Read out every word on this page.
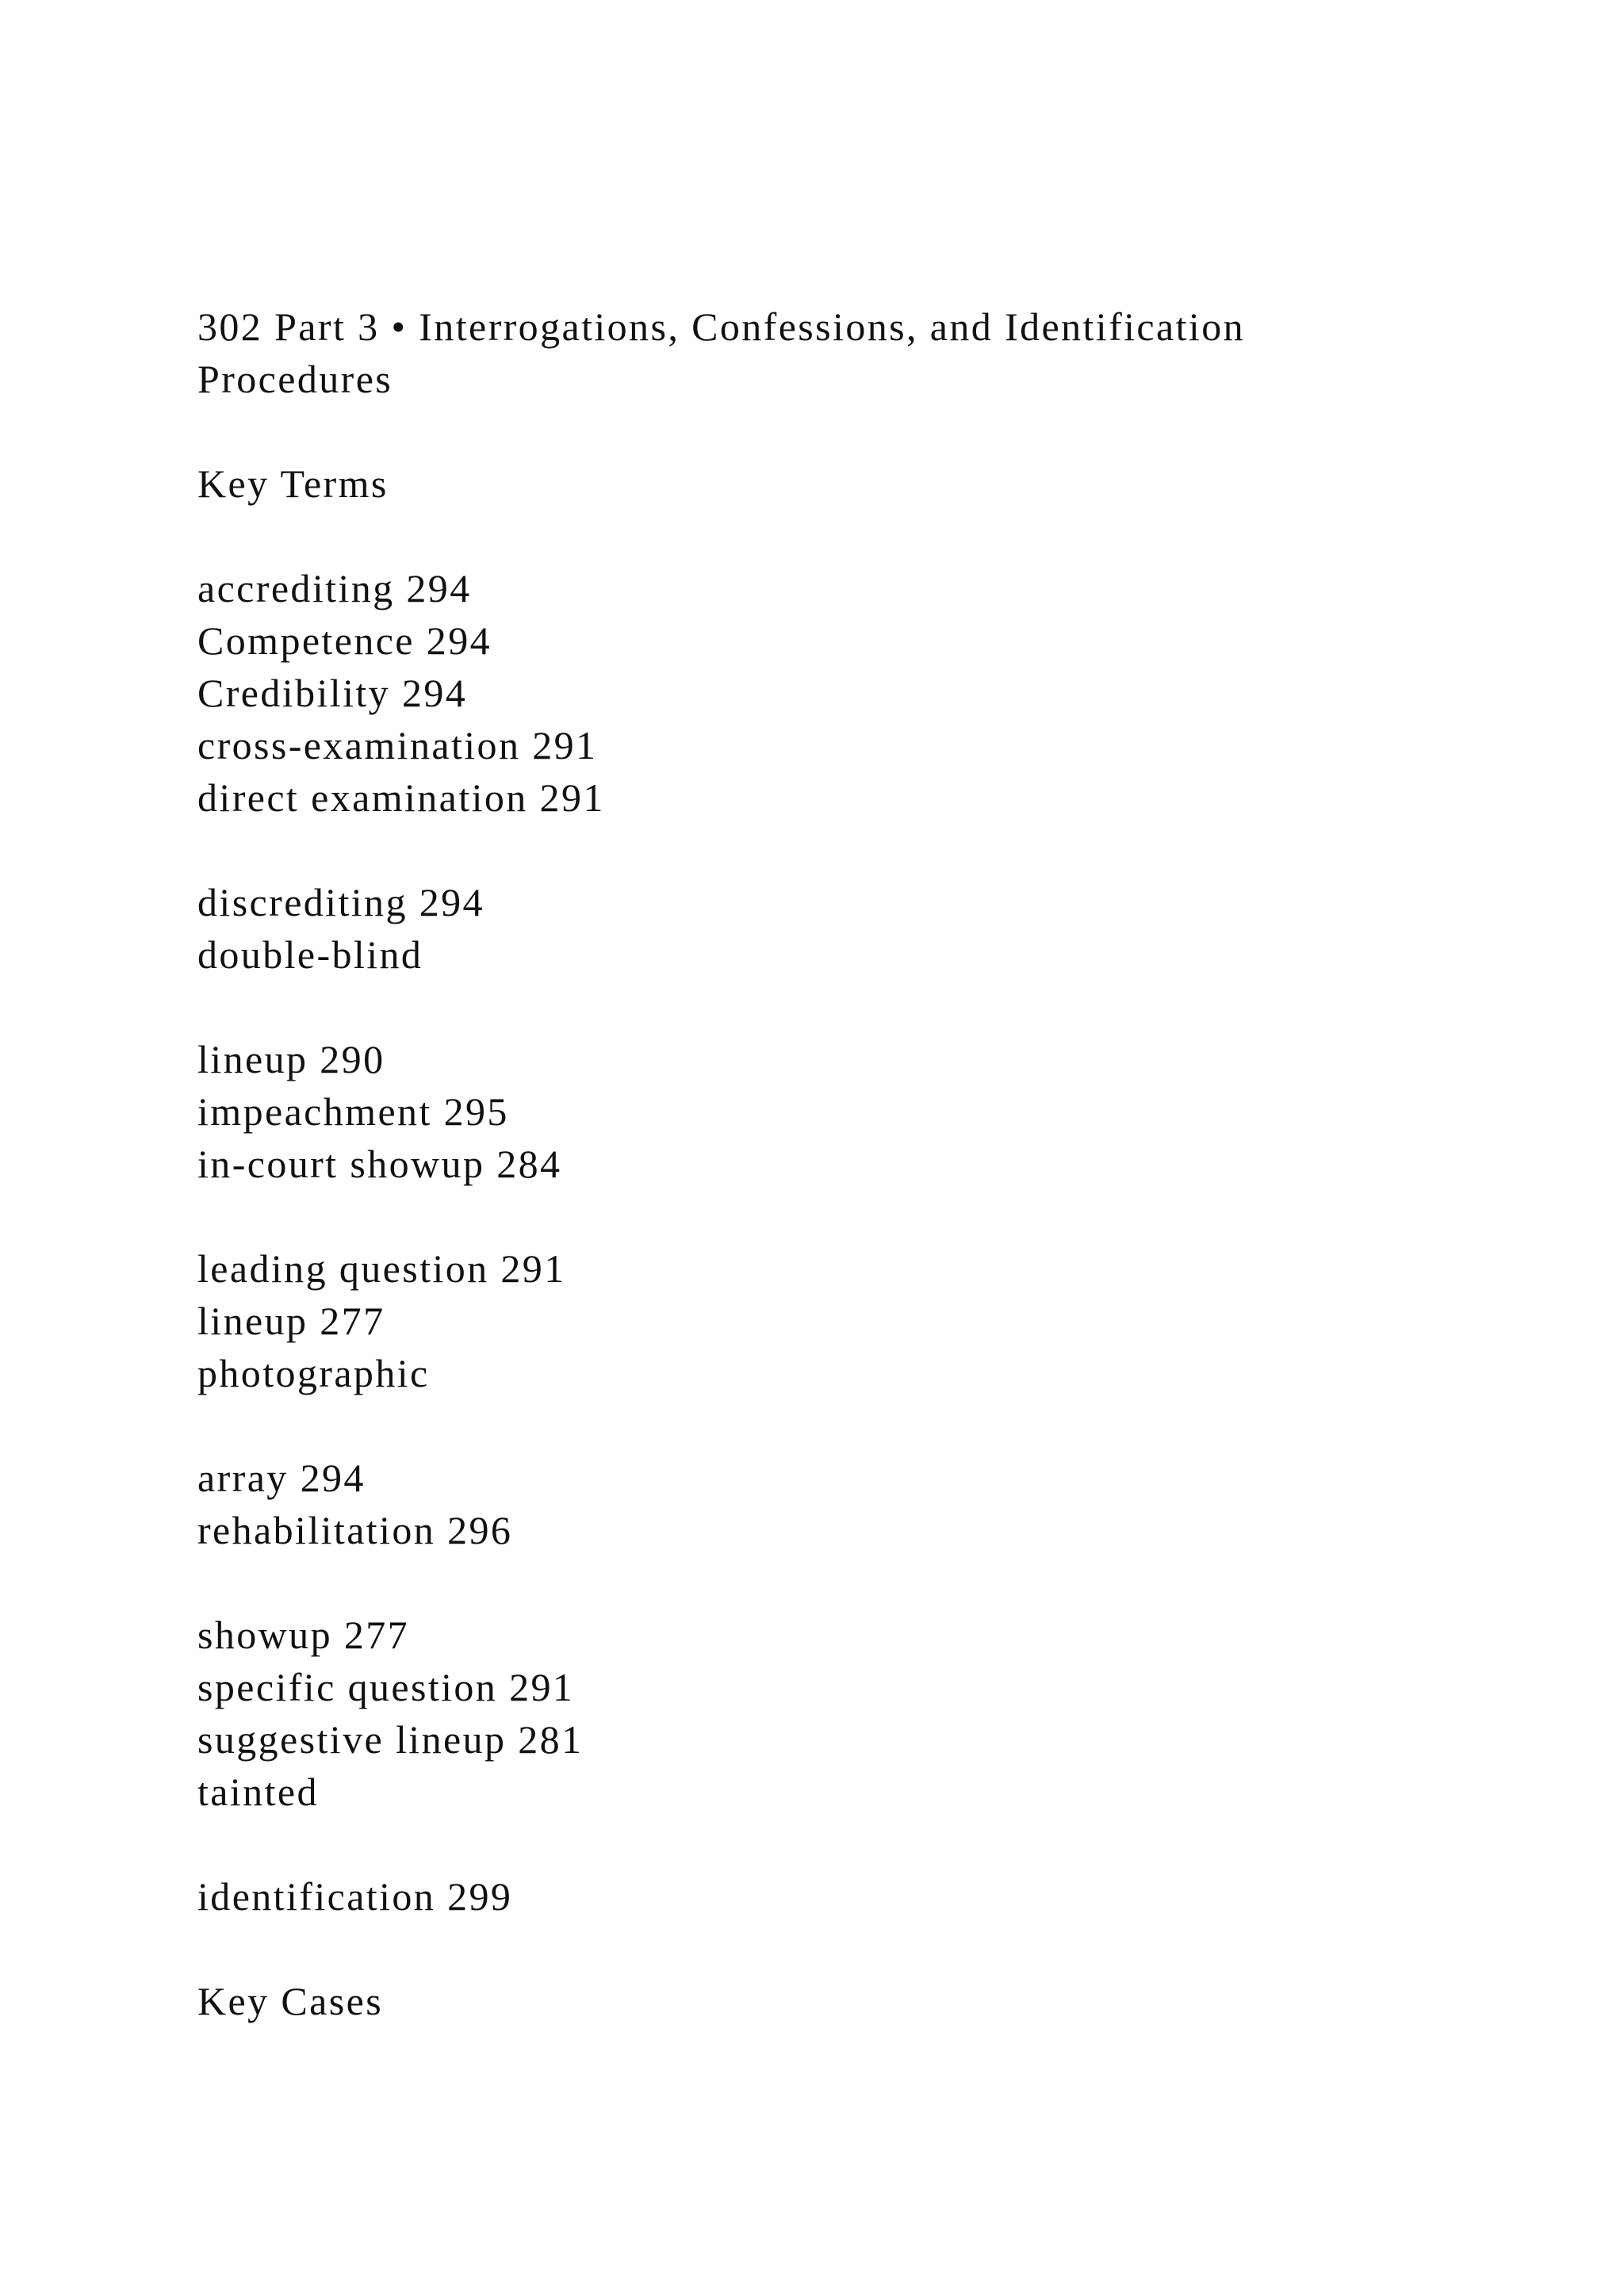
302 Part 3 • Interrogations, Confessions, and Identification
Procedures
Key Terms
accrediting 294
Competence 294
Credibility 294
cross-examination 291
direct examination 291
discrediting 294
double-blind
lineup 290
impeachment 295
in-court showup 284
leading question 291
lineup 277
photographic
array 294
rehabilitation 296
showup 277
specific question 291
suggestive lineup 281
tainted
identification 299
Key Cases
